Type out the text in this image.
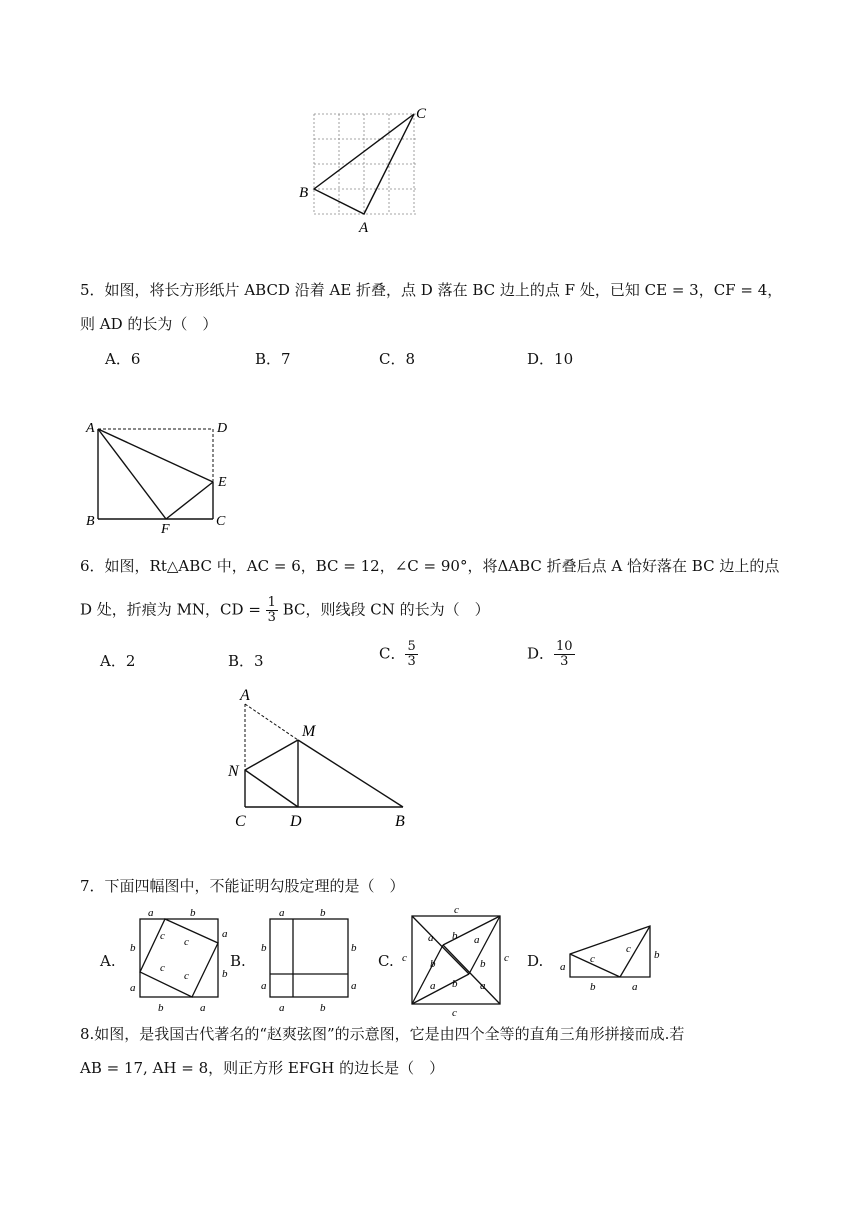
C
B
A
5．如图，将长方形纸片 ABCD 沿着 AE 折叠，点 D 落在 BC 边上的点 F 处，已知 CE = 3，CF = 4，
则 AD 的长为（　）
A．6	B．7	C．8	D．10
A	D
E
B
F
C
6．如图，Rt△ABC 中，AC = 6，BC = 12，∠C = 90°，将ΔABC 折叠后点 A 恰好落在 BC 边上的点
D 处，折痕为 MN，CD = $\frac{1}{3}$ BC，则线段 CN 的长为（　）
A．2	B．3	C． $\frac{5}{3}$	D． $\frac{10}{3}$
A
M
N
C	D	B
7．下面四幅图中，不能证明勾股定理的是（　）
A.
a	b
a
b
b
a
b	a
c c
c
c
B.
a	b
b	b
a	a
a	b
C.
c
c	c
c
a b a
b
b
a b a
D. a
b
c
c
b	a
8.如图，是我国古代著名的“赵爽弦图”的示意图，它是由四个全等的直角三角形拼接而成.若
AB = 17, AH = 8，则正方形 EFGH 的边长是（　）
